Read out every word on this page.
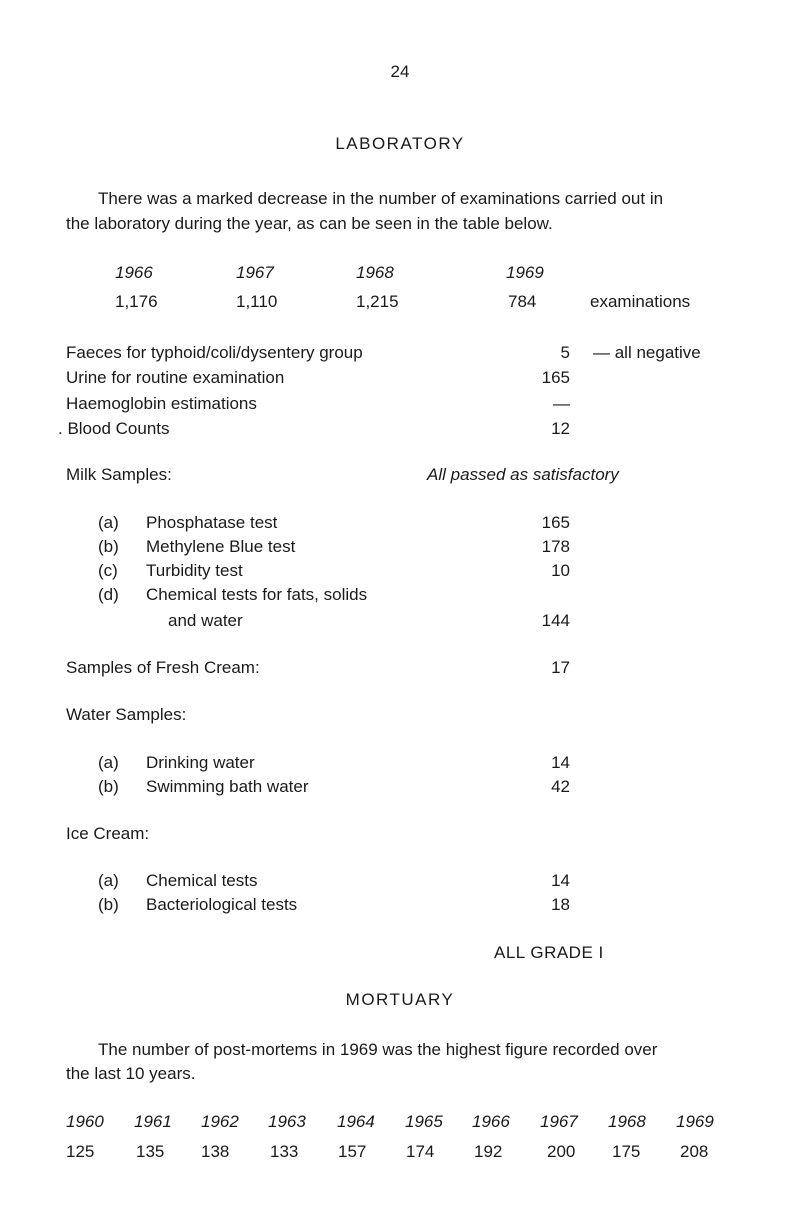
24
LABORATORY
There was a marked decrease in the number of examinations carried out in
the laboratory during the year, as can be seen in the table below.
1966	1967	1968	1969
1,176	1,110	1,215	784	examinations
Faeces for typhoid/coli/dysentery group	5 — all negative
Urine for routine examination	165
Haemoglobin estimations	—
. Blood Counts	12
Milk Samples:	All passed as satisfactory
(a) Phosphatase test	165
(b) Methylene Blue test	178
(c) Turbidity test	10
(d) Chemical tests for fats, solids
and water	144
Samples of Fresh Cream:	17
Water Samples:
(a) Drinking water	14
(b) Swimming bath water	42
Ice Cream:
(a) Chemical tests	14
(b) Bacteriological tests	18
ALL GRADE I
MORTUARY
The number of post-mortems in 1969 was the highest figure recorded over
the last 10 years.
1960 1961 1962 1963 1964 1965 1966 1967 1968 1969
125 135 138 133 157 174 192	200 175 208
